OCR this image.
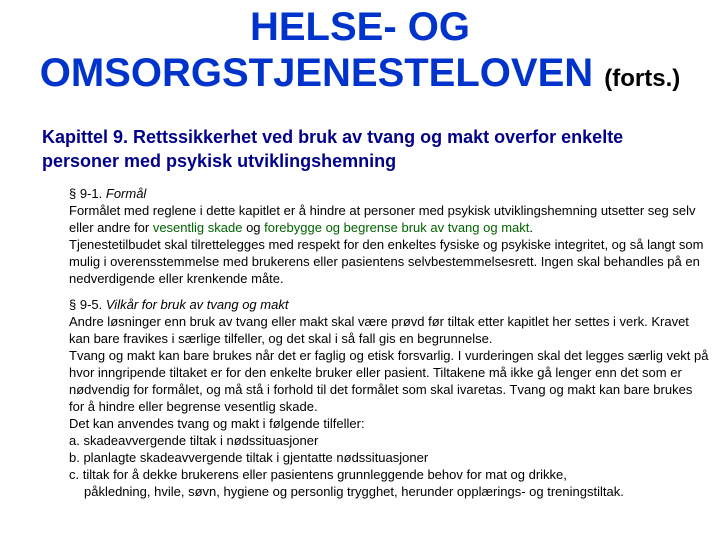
HELSE- OG
OMSORGSTJENESTELOVEN (forts.)
Kapittel 9. Rettssikkerhet ved bruk av tvang og makt overfor enkelte personer med psykisk utviklingshemning

§ 9-1. Formål

Formålet med reglene i dette kapitlet er å hindre at personer med psykisk utviklingshemning utsetter seg selv eller andre for vesentlig skade og forebygge og begrense bruk av tvang og makt.

Tjenestetilbudet skal tilrettelegges med respekt for den enkeltes fysiske og psykiske integritet, og så langt som mulig i overensstemmelse med brukerens eller pasientens selvbestemmelsesrett. Ingen skal behandles på en nedverdigende eller krenkende måte.

§ 9-5. Vilkår for bruk av tvang og makt

Andre løsninger enn bruk av tvang eller makt skal være prøvd før tiltak etter kapitlet her settes i verk. Kravet kan bare fravikes i særlige tilfeller, og det skal i så fall gis en begrunnelse.

Tvang og makt kan bare brukes når det er faglig og etisk forsvarlig. I vurderingen skal det legges særlig vekt på hvor inngripende tiltaket er for den enkelte bruker eller pasient. Tiltakene må ikke gå lenger enn det som er nødvendig for formålet, og må stå i forhold til det formålet som skal ivaretas. Tvang og makt kan bare brukes for å hindre eller begrense vesentlig skade.

Det kan anvendes tvang og makt i følgende tilfeller:

a. skadeavvergende tiltak i nødssituasjoner

b. planlagte skadeavvergende tiltak i gjentatte nødssituasjoner

c. tiltak for å dekke brukerens eller pasientens grunnleggende behov for mat og drikke,

påkledning, hvile, søvn, hygiene og personlig trygghet, herunder opplærings- og treningstiltak.
